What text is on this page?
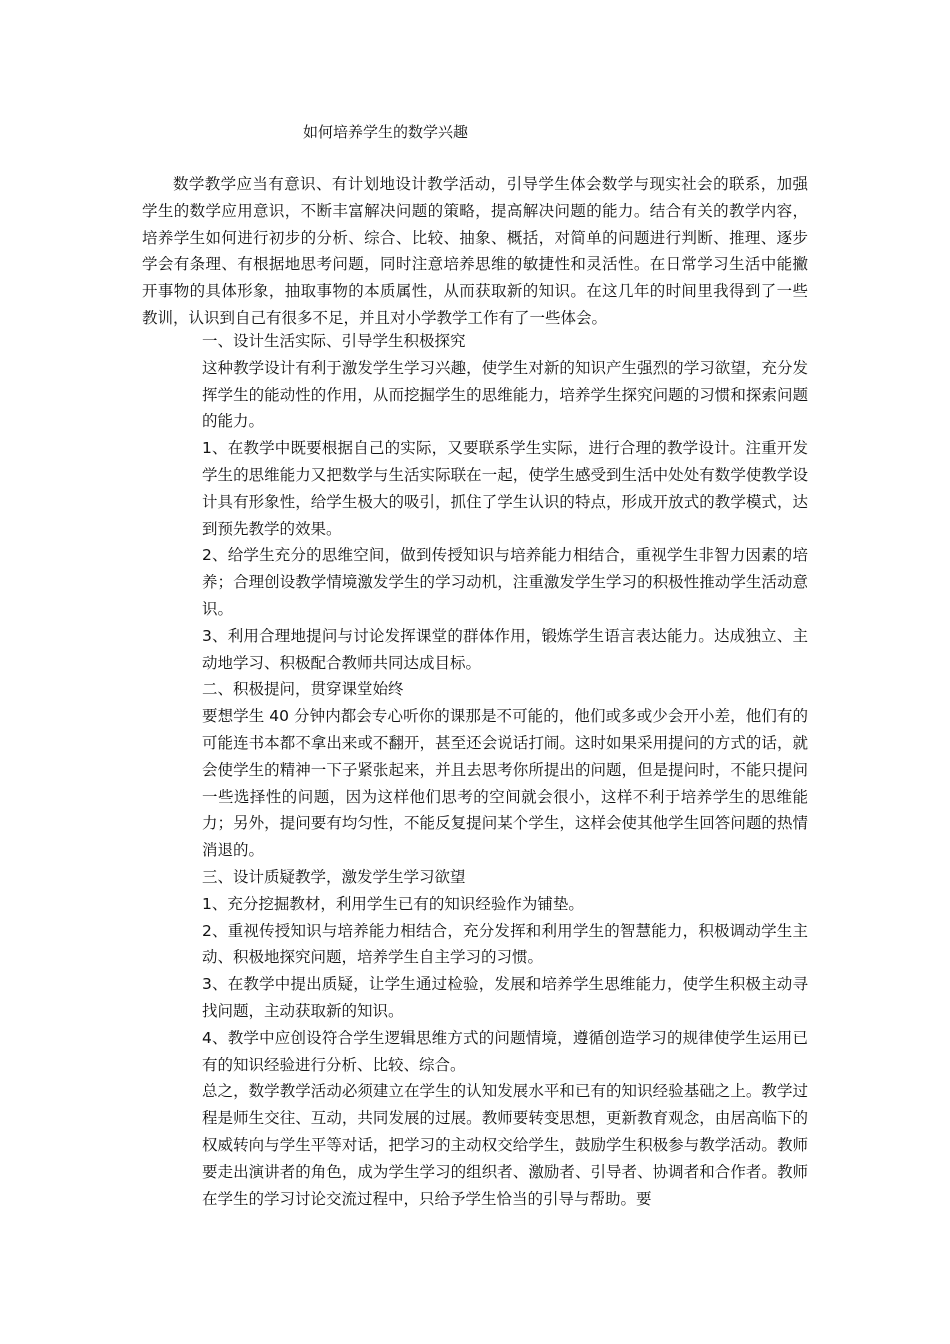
如何培养学生的数学兴趣

数学教学应当有意识、有计划地设计教学活动，引导学生体会数学与现实社会的联系，加强学生的数学应用意识，不断丰富解决问题的策略，提高解决问题的能力。结合有关的教学内容，培养学生如何进行初步的分析、综合、比较、抽象、概括，对简单的问题进行判断、推理、逐步学会有条理、有根据地思考问题，同时注意培养思维的敏捷性和灵活性。在日常学习生活中能撇开事物的具体形象，抽取事物的本质属性，从而获取新的知识。在这几年的时间里我得到了一些教训，认识到自己有很多不足，并且对小学教学工作有了一些体会。

一、设计生活实际、引导学生积极探究

这种教学设计有利于激发学生学习兴趣，使学生对新的知识产生强烈的学习欲望，充分发挥学生的能动性的作用，从而挖掘学生的思维能力，培养学生探究问题的习惯和探索问题的能力。

1、在教学中既要根据自己的实际，又要联系学生实际，进行合理的教学设计。注重开发学生的思维能力又把数学与生活实际联在一起，使学生感受到生活中处处有数学使教学设计具有形象性，给学生极大的吸引，抓住了学生认识的特点，形成开放式的教学模式，达到预先教学的效果。

2、给学生充分的思维空间，做到传授知识与培养能力相结合，重视学生非智力因素的培养；合理创设教学情境激发学生的学习动机，注重激发学生学习的积极性推动学生活动意识。

3、利用合理地提问与讨论发挥课堂的群体作用，锻炼学生语言表达能力。达成独立、主动地学习、积极配合教师共同达成目标。

二、积极提问，贯穿课堂始终

要想学生 40 分钟内都会专心听你的课那是不可能的，他们或多或少会开小差，他们有的可能连书本都不拿出来或不翻开，甚至还会说话打闹。这时如果采用提问的方式的话，就会使学生的精神一下子紧张起来，并且去思考你所提出的问题，但是提问时，不能只提问一些选择性的问题，因为这样他们思考的空间就会很小，这样不利于培养学生的思维能力；另外，提问要有均匀性，不能反复提问某个学生，这样会使其他学生回答问题的热情消退的。

三、设计质疑教学，激发学生学习欲望

1、充分挖掘教材，利用学生已有的知识经验作为铺垫。

2、重视传授知识与培养能力相结合，充分发挥和利用学生的智慧能力，积极调动学生主动、积极地探究问题，培养学生自主学习的习惯。

3、在教学中提出质疑，让学生通过检验，发展和培养学生思维能力，使学生积极主动寻找问题，主动获取新的知识。

4、教学中应创设符合学生逻辑思维方式的问题情境，遵循创造学习的规律使学生运用已有的知识经验进行分析、比较、综合。

总之，数学教学活动必须建立在学生的认知发展水平和已有的知识经验基础之上。教学过程是师生交往、互动，共同发展的过展。教师要转变思想，更新教育观念，由居高临下的权威转向与学生平等对话，把学习的主动权交给学生，鼓励学生积极参与教学活动。教师要走出演讲者的角色，成为学生学习的组织者、激励者、引导者、协调者和合作者。教师在学生的学习讨论交流过程中，只给予学生恰当的引导与帮助。要
